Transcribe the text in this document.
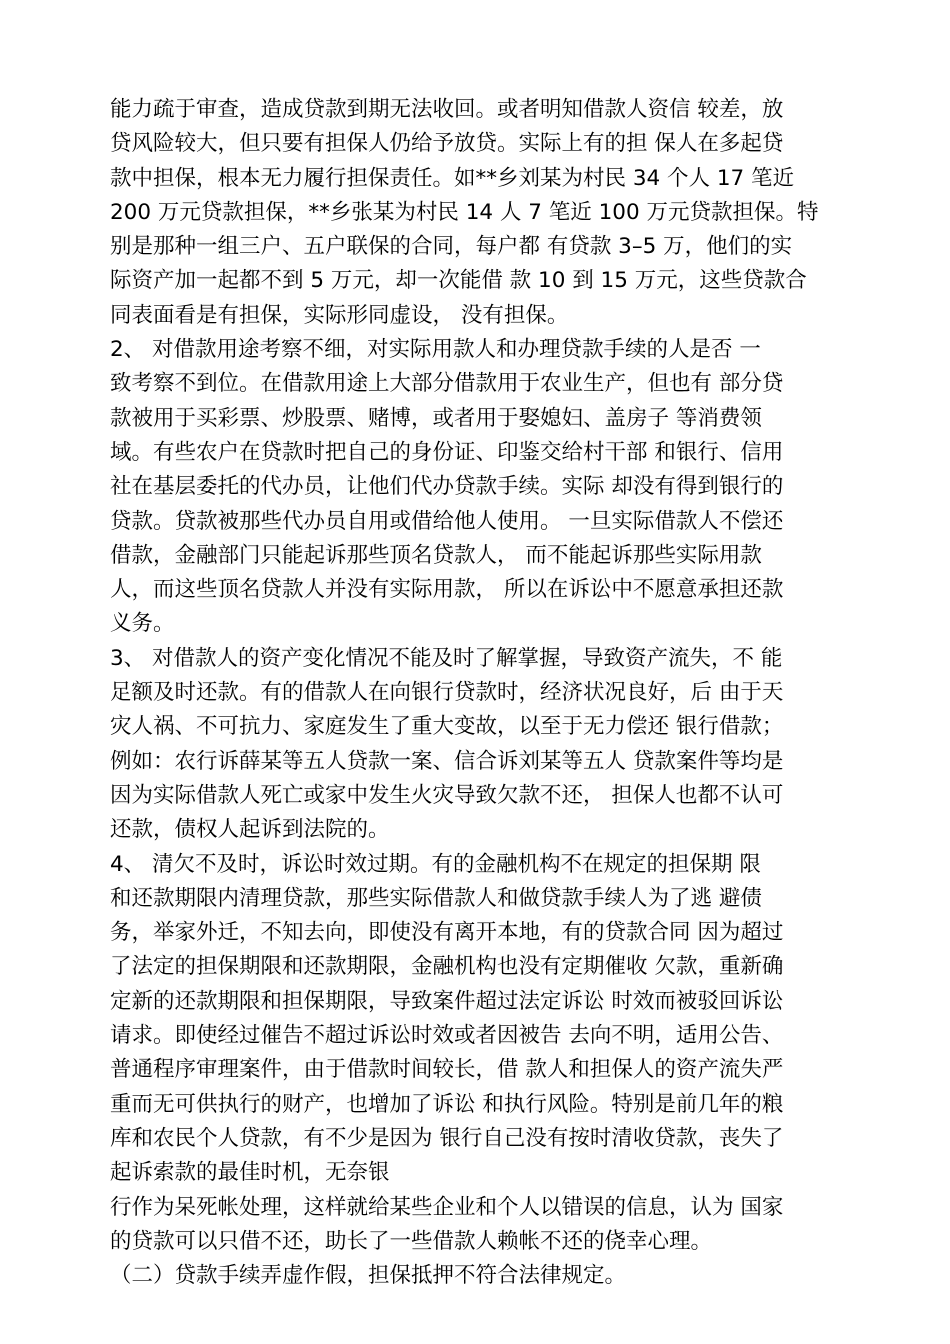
能力疏于审查，造成贷款到期无法收回。或者明知借款人资信 较差，放
贷风险较大，但只要有担保人仍给予放贷。实际上有的担 保人在多起贷
款中担保，根本无力履行担保责任。如**乡刘某为村民 34 个人 17 笔近
200 万元贷款担保，**乡张某为村民 14 人 7 笔近 100 万元贷款担保。特
别是那种一组三户、五户联保的合同，每户都 有贷款 3–5 万，他们的实
际资产加一起都不到 5 万元，却一次能借 款 10 到 15 万元，这些贷款合
同表面看是有担保，实际形同虚设， 没有担保。
2、 对借款用途考察不细，对实际用款人和办理贷款手续的人是否 一
致考察不到位。在借款用途上大部分借款用于农业生产，但也有 部分贷
款被用于买彩票、炒股票、赌博，或者用于娶媳妇、盖房子 等消费领
域。有些农户在贷款时把自己的身份证、印鉴交给村干部 和银行、信用
社在基层委托的代办员，让他们代办贷款手续。实际 却没有得到银行的
贷款。贷款被那些代办员自用或借给他人使用。 一旦实际借款人不偿还
借款，金融部门只能起诉那些顶名贷款人， 而不能起诉那些实际用款
人，而这些顶名贷款人并没有实际用款， 所以在诉讼中不愿意承担还款
义务。
3、 对借款人的资产变化情况不能及时了解掌握，导致资产流失，不 能
足额及时还款。有的借款人在向银行贷款时，经济状况良好，后 由于天
灾人祸、不可抗力、家庭发生了重大变故，以至于无力偿还 银行借款；
例如：农行诉薛某等五人贷款一案、信合诉刘某等五人 贷款案件等均是
因为实际借款人死亡或家中发生火灾导致欠款不还， 担保人也都不认可
还款，债权人起诉到法院的。
4、 清欠不及时，诉讼时效过期。有的金融机构不在规定的担保期 限
和还款期限内清理贷款，那些实际借款人和做贷款手续人为了逃 避债
务，举家外迁，不知去向，即使没有离开本地，有的贷款合同 因为超过
了法定的担保期限和还款期限，金融机构也没有定期催收 欠款，重新确
定新的还款期限和担保期限，导致案件超过法定诉讼 时效而被驳回诉讼
请求。即使经过催告不超过诉讼时效或者因被告 去向不明，适用公告、
普通程序审理案件，由于借款时间较长，借 款人和担保人的资产流失严
重而无可供执行的财产，也增加了诉讼 和执行风险。特别是前几年的粮
库和农民个人贷款，有不少是因为 银行自己没有按时清收贷款，丧失了
起诉索款的最佳时机，无奈银
行作为呆死帐处理，这样就给某些企业和个人以错误的信息，认为 国家
的贷款可以只借不还，助长了一些借款人赖帐不还的侥幸心理。
（二）贷款手续弄虚作假，担保抵押不符合法律规定。
